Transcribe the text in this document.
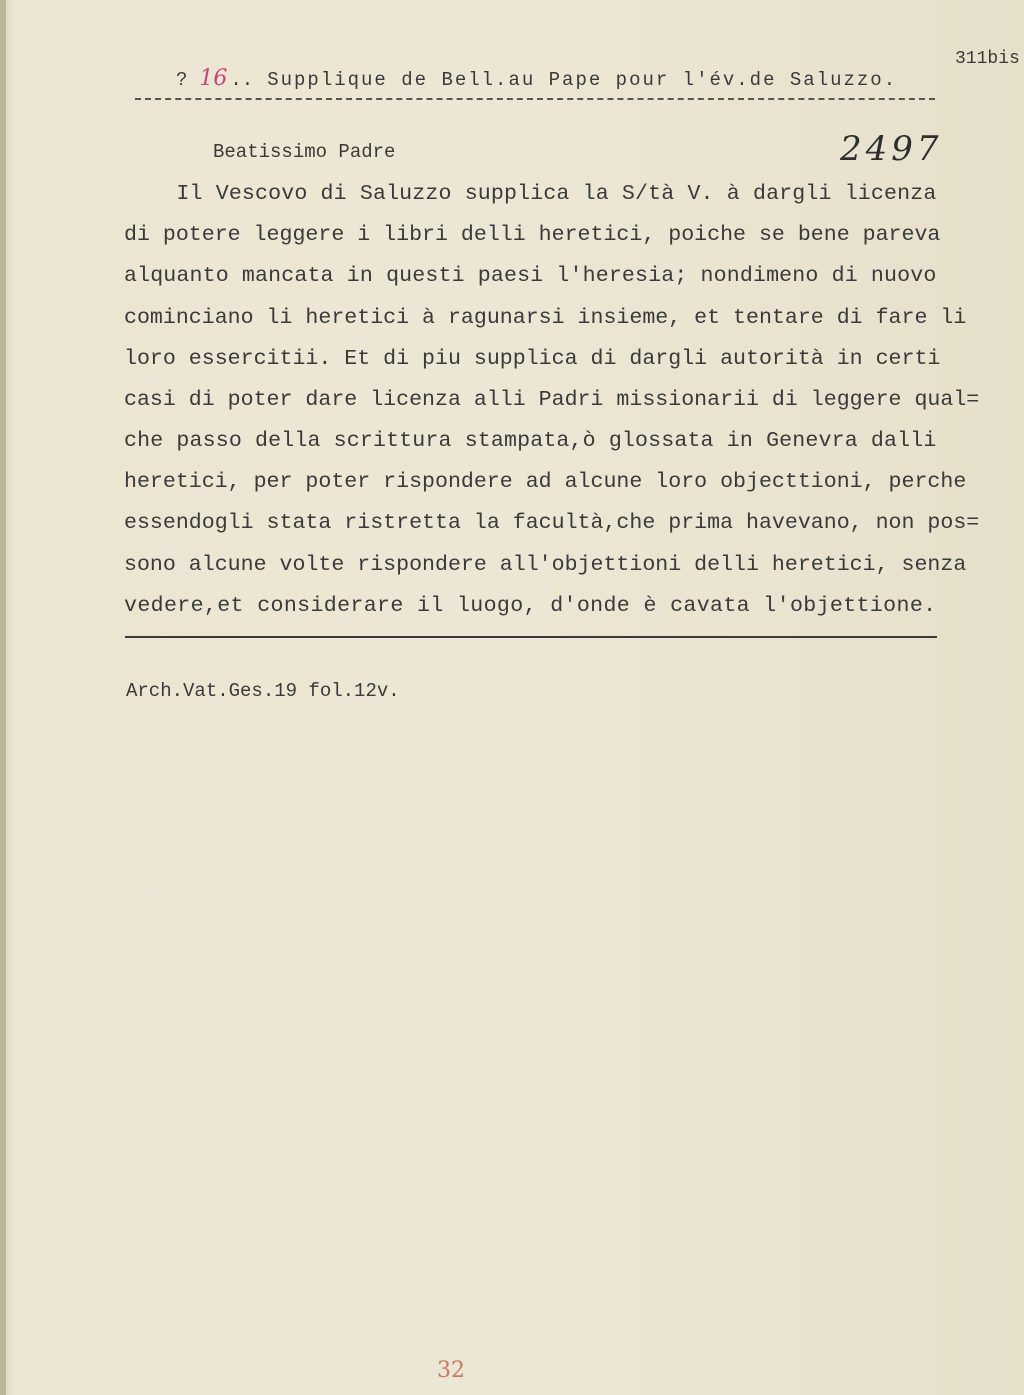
311bis
? 16 .. Supplique de Bell.au Pape pour l'év.de Saluzzo.
2497
Beatissimo Padre
Il Vescovo di Saluzzo supplica la S/tà V. à dargli licenza
di potere leggere i libri delli heretici, poiche se bene pareva
alquanto mancata in questi paesi l'heresia; nondimeno di nuovo
cominciano li heretici à ragunarsi insieme, et tentare di fare li
loro essercitii. Et di piu supplica di dargli autorità in certi
casi di poter dare licenza alli Padri missionarii di leggere qual=
che passo della scrittura stampata,ò glossata in Genevra dalli
heretici, per poter rispondere ad alcune loro objecttioni, perche
essendogli stata ristretta la facultà,che prima havevano, non pos=
sono alcune volte rispondere all'objettioni delli heretici, senza
vedere,et considerare il luogo, d'onde è cavata l'objettione.
Arch.Vat.Ges.19 fol.12v.
32
